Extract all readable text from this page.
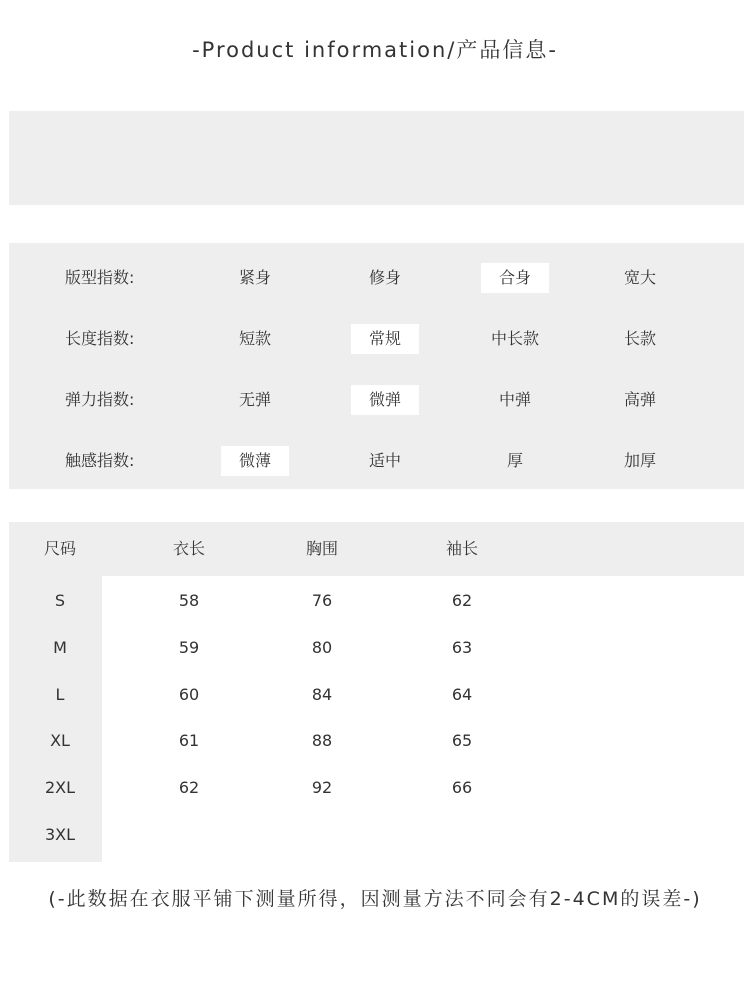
-Product information/产品信息-
版型指数:	紧身	修身	合身	宽大
长度指数:	短款	常规	中长款	长款
弹力指数:	无弹	微弹	中弹	高弹
触感指数:	微薄	适中	厚	加厚
尺码	衣长	胸围	袖长
S	58	76	62
M	59	80	63
L	60	84	64
XL	61	88	65
2XL	62	92	66
3XL
(-此数据在衣服平铺下测量所得，因测量方法不同会有2-4CM的误差-)
